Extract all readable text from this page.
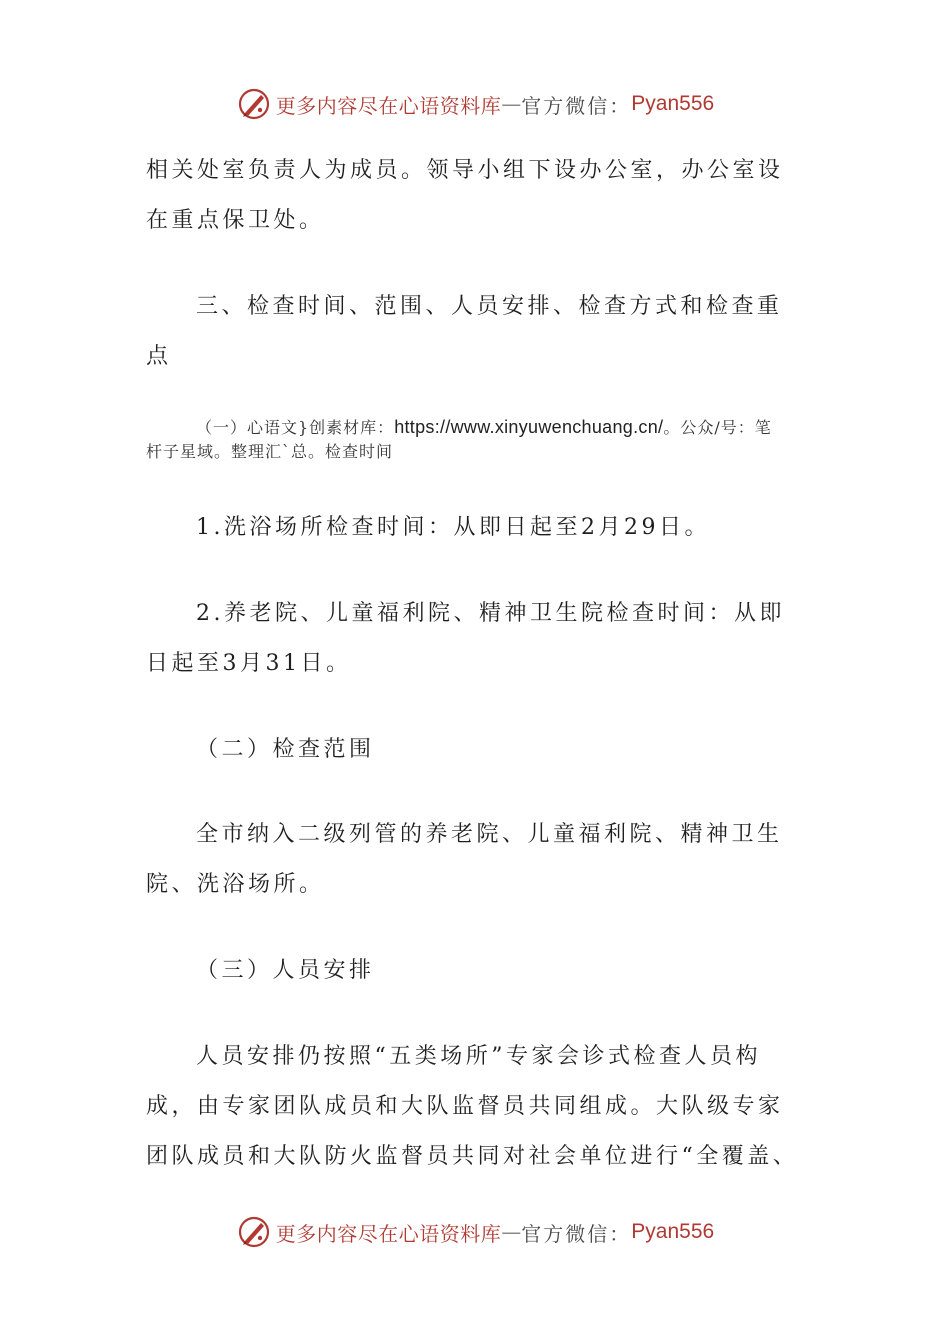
更多内容尽在心语资料库 — 官方微信： Pyan556
相关处室负责人为成员。领导小组下设办公室，办公室设
在重点保卫处。
三、检查时间、范围、人员安排、检查方式和检查重
点
（一）心语文}创素材库：https://www.xinyuwenchuang.cn/。公众/号：笔
杆子星域。整理汇`总。检查时间
1.洗浴场所检查时间：从即日起至2月29日。
2.养老院、儿童福利院、精神卫生院检查时间：从即
日起至3月31日。
（二）检查范围
全市纳入二级列管的养老院、儿童福利院、精神卫生
院、洗浴场所。
（三）人员安排
人员安排仍按照“五类场所”专家会诊式检查人员构
成，由专家团队成员和大队监督员共同组成。大队级专家
团队成员和大队防火监督员共同对社会单位进行“全覆盖、
更多内容尽在心语资料库 — 官方微信： Pyan556
